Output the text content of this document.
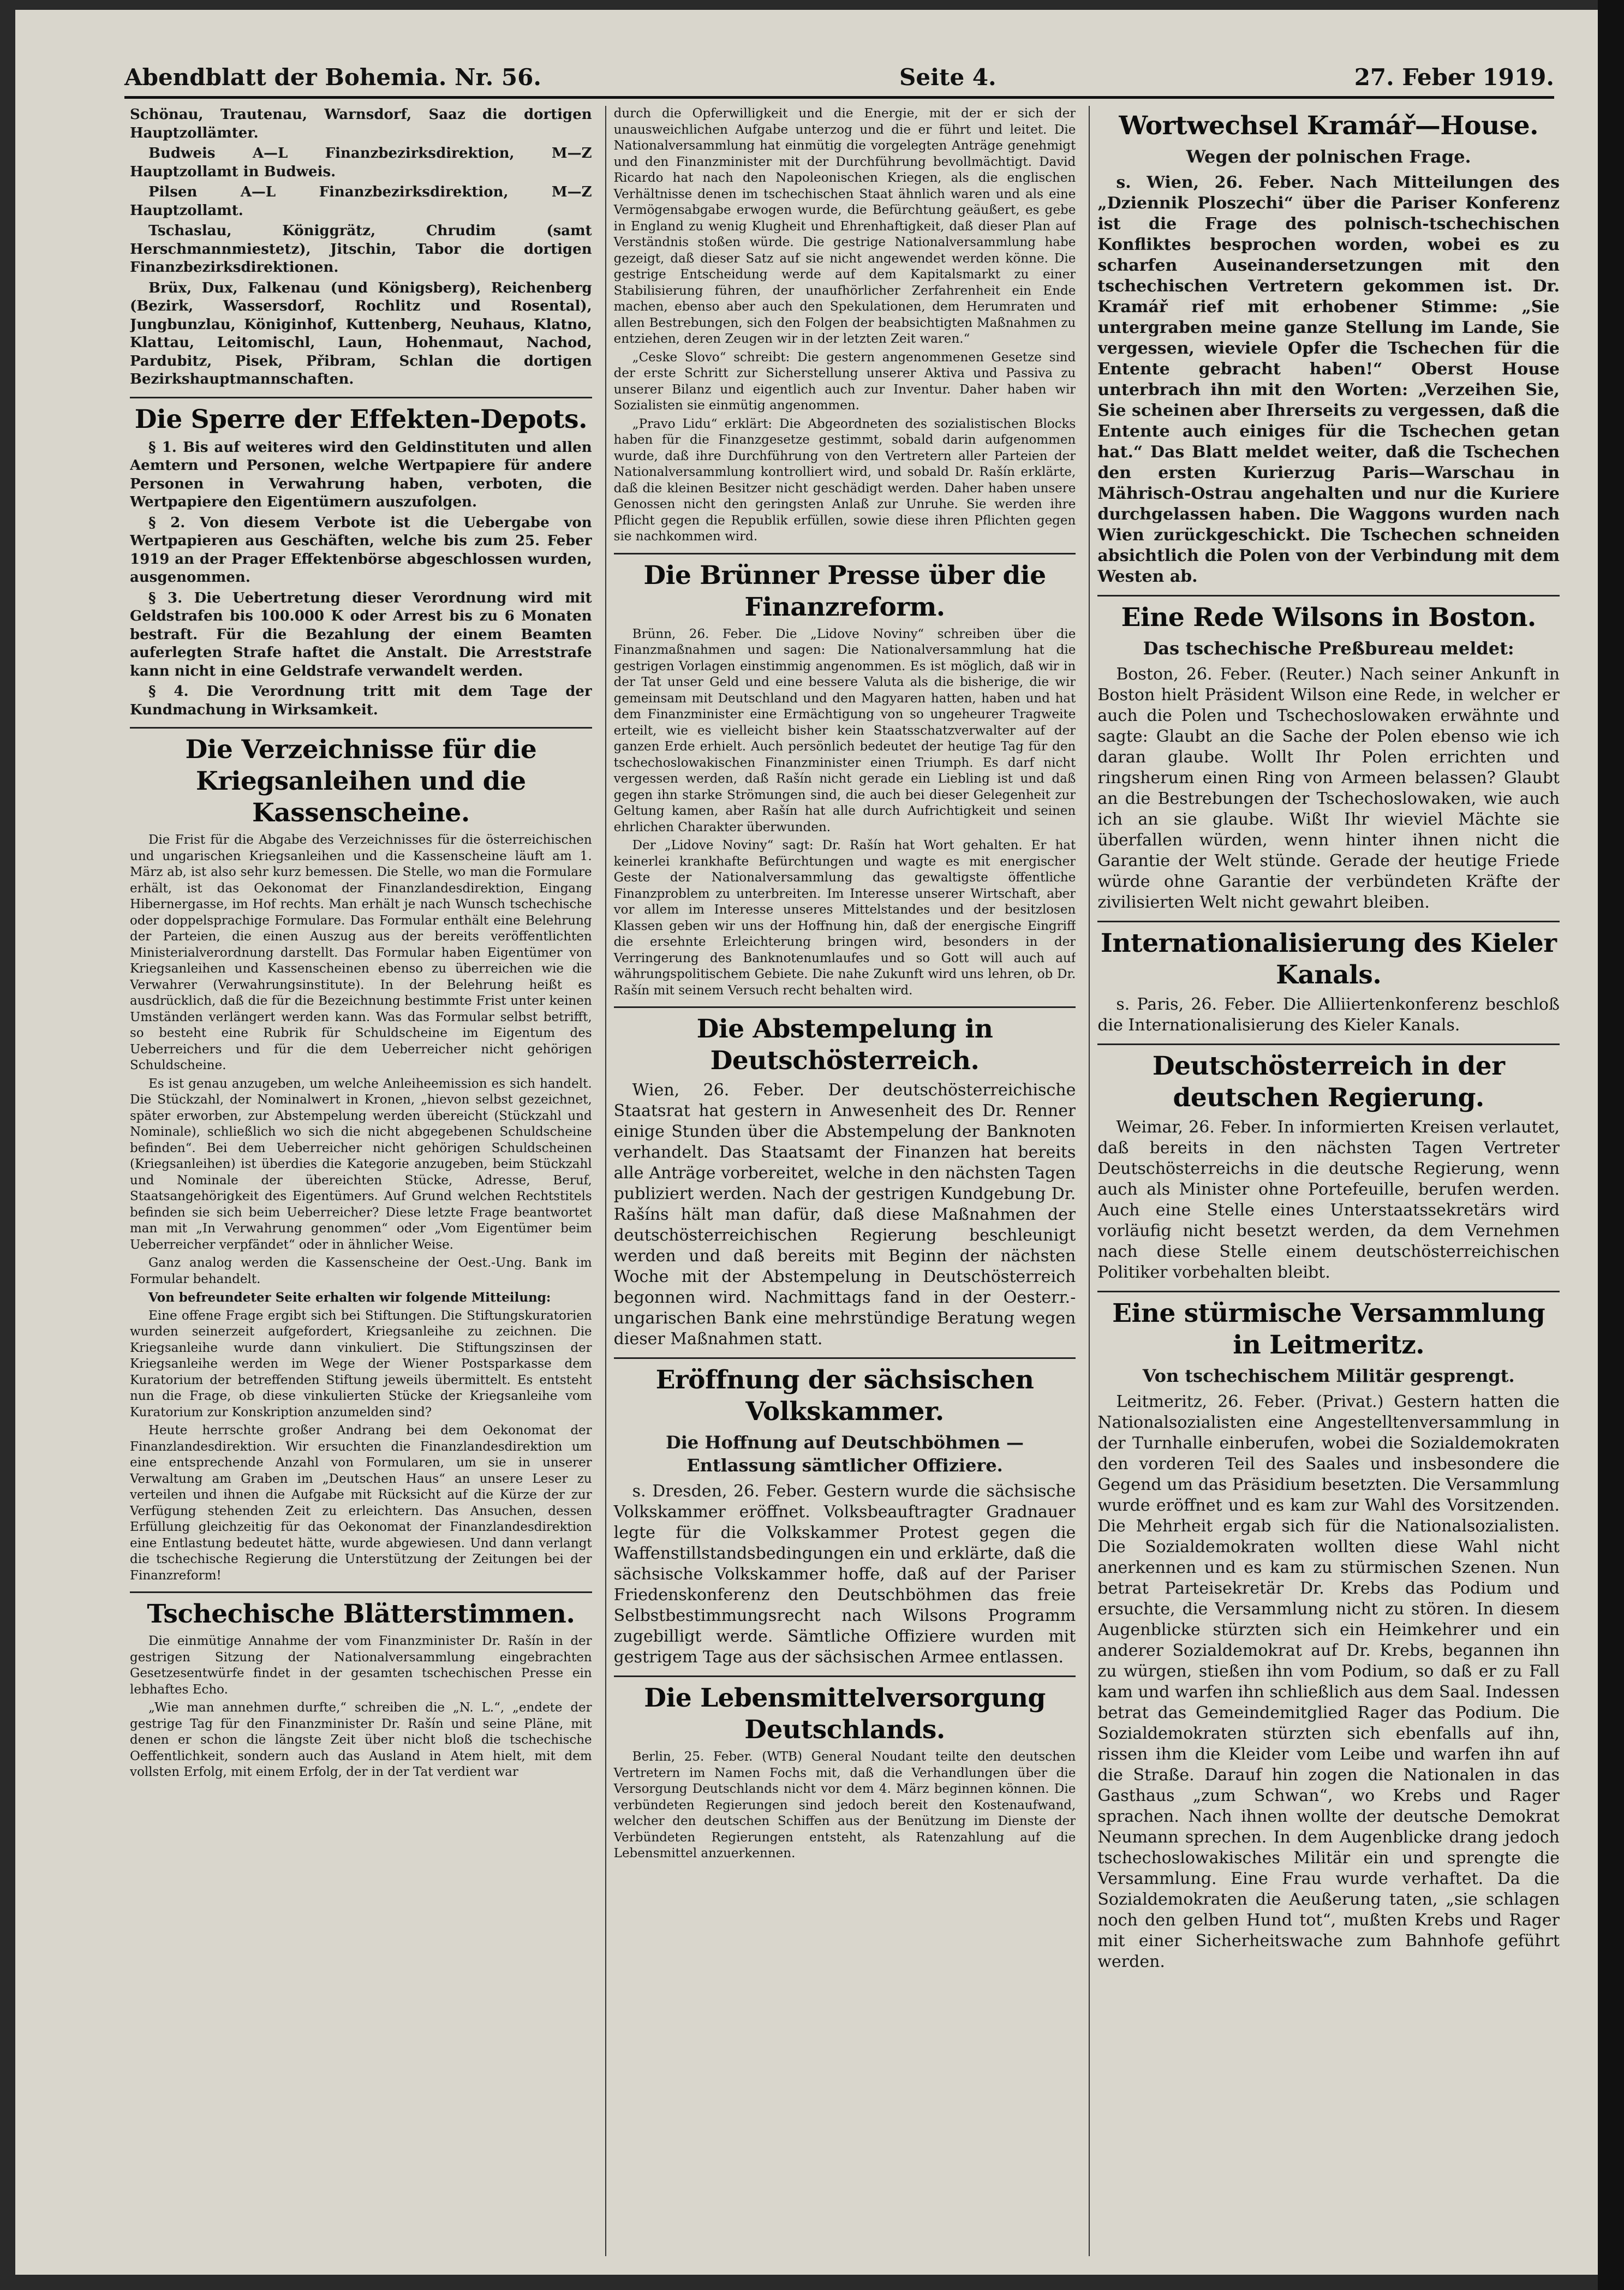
Abendblatt der Bohemia. Nr. 56.	Seite 4.	27. Feber 1919.

Schönau, Trautenau, Warnsdorf, Saaz die dortigen Hauptzollämter.

Budweis A—L Finanzbezirksdirektion, M—Z Hauptzollamt in Budweis.

Pilsen A—L Finanzbezirksdirektion, M—Z Hauptzollamt.

Tschaslau, Königgrätz, Chrudim (samt Herschmannmiestetz), Jitschin, Tabor die dortigen Finanzbezirksdirektionen.

Brüx, Dux, Falkenau (und Königsberg), Reichenberg (Bezirk, Wassersdorf, Rochlitz und Rosental), Jungbunzlau, Königinhof, Kuttenberg, Neuhaus, Klatno, Klattau, Leitomischl, Laun, Hohenmaut, Nachod, Pardubitz, Pisek, Přibram, Schlan die dortigen Bezirkshauptmannschaften.

Die Sperre der Effekten-Depots.

§ 1. Bis auf weiteres wird den Geldinstituten und allen Aemtern und Personen, welche Wertpapiere für andere Personen in Verwahrung haben, verboten, die Wertpapiere den Eigentümern auszufolgen.

§ 2. Von diesem Verbote ist die Uebergabe von Wertpapieren aus Geschäften, welche bis zum 25. Feber 1919 an der Prager Effektenbörse abgeschlossen wurden, ausgenommen.

§ 3. Die Uebertretung dieser Verordnung wird mit Geldstrafen bis 100.000 K oder Arrest bis zu 6 Monaten bestraft. Für die Bezahlung der einem Beamten auferlegten Strafe haftet die Anstalt. Die Arreststrafe kann nicht in eine Geldstrafe verwandelt werden.

§ 4. Die Verordnung tritt mit dem Tage der Kundmachung in Wirksamkeit.

Die Verzeichnisse für die Kriegsanleihen und die Kassenscheine.

Die Frist für die Abgabe des Verzeichnisses für die österreichischen und ungarischen Kriegsanleihen und die Kassenscheine läuft am 1. März ab, ist also sehr kurz bemessen. Die Stelle, wo man die Formulare erhält, ist das Oekonomat der Finanzlandesdirektion, Eingang Hibernergasse, im Hof rechts. Man erhält je nach Wunsch tschechische oder doppelsprachige Formulare. Das Formular enthält eine Belehrung der Parteien, die einen Auszug aus der bereits veröffentlichten Ministerialverordnung darstellt. Das Formular haben Eigentümer von Kriegsanleihen und Kassenscheinen ebenso zu überreichen wie die Verwahrer (Verwahrungsinstitute). In der Belehrung heißt es ausdrücklich, daß die für die Bezeichnung bestimmte Frist unter keinen Umständen verlängert werden kann. Was das Formular selbst betrifft, so besteht eine Rubrik für Schuldscheine im Eigentum des Ueberreichers und für die dem Ueberreicher nicht gehörigen Schuldscheine.

Es ist genau anzugeben, um welche Anleiheemission es sich handelt. Die Stückzahl, der Nominalwert in Kronen, „hievon selbst gezeichnet, später erworben, zur Abstempelung werden übereicht (Stückzahl und Nominale), schließlich wo sich die nicht abgegebenen Schuldscheine befinden“. Bei dem Ueberreicher nicht gehörigen Schuldscheinen (Kriegsanleihen) ist überdies die Kategorie anzugeben, beim Stückzahl und Nominale der übereichten Stücke, Adresse, Beruf, Staatsangehörigkeit des Eigentümers. Auf Grund welchen Rechtstitels befinden sie sich beim Ueberreicher? Diese letzte Frage beantwortet man mit „In Verwahrung genommen“ oder „Vom Eigentümer beim Ueberreicher verpfändet“ oder in ähnlicher Weise.

Ganz analog werden die Kassenscheine der Oest.-Ung. Bank im Formular behandelt.

Von befreundeter Seite erhalten wir folgende Mitteilung:

Eine offene Frage ergibt sich bei Stiftungen. Die Stiftungskuratorien wurden seinerzeit aufgefordert, Kriegsanleihe zu zeichnen. Die Kriegsanleihe wurde dann vinkuliert. Die Stiftungszinsen der Kriegsanleihe werden im Wege der Wiener Postsparkasse dem Kuratorium der betreffenden Stiftung jeweils übermittelt. Es entsteht nun die Frage, ob diese vinkulierten Stücke der Kriegsanleihe vom Kuratorium zur Konskription anzumelden sind?

Heute herrschte großer Andrang bei dem Oekonomat der Finanzlandesdirektion. Wir ersuchten die Finanzlandesdirektion um eine entsprechende Anzahl von Formularen, um sie in unserer Verwaltung am Graben im „Deutschen Haus“ an unsere Leser zu verteilen und ihnen die Aufgabe mit Rücksicht auf die Kürze der zur Verfügung stehenden Zeit zu erleichtern. Das Ansuchen, dessen Erfüllung gleichzeitig für das Oekonomat der Finanzlandesdirektion eine Entlastung bedeutet hätte, wurde abgewiesen. Und dann verlangt die tschechische Regierung die Unterstützung der Zeitungen bei der Finanzreform!

Tschechische Blätterstimmen.

Die einmütige Annahme der vom Finanzminister Dr. Rašín in der gestrigen Sitzung der Nationalversammlung eingebrachten Gesetzesentwürfe findet in der gesamten tschechischen Presse ein lebhaftes Echo.

„Wie man annehmen durfte,“ schreiben die „N. L.“, „endete der gestrige Tag für den Finanzminister Dr. Rašín und seine Pläne, mit denen er schon die längste Zeit über nicht bloß die tschechische Oeffentlichkeit, sondern auch das Ausland in Atem hielt, mit dem vollsten Erfolg, mit einem Erfolg, der in der Tat verdient war

durch die Opferwilligkeit und die Energie, mit der er sich der unausweichlichen Aufgabe unterzog und die er führt und leitet. Die Nationalversammlung hat einmütig die vorgelegten Anträge genehmigt und den Finanzminister mit der Durchführung bevollmächtigt. David Ricardo hat nach den Napoleonischen Kriegen, als die englischen Verhältnisse denen im tschechischen Staat ähnlich waren und als eine Vermögensabgabe erwogen wurde, die Befürchtung geäußert, es gebe in England zu wenig Klugheit und Ehrenhaftigkeit, daß dieser Plan auf Verständnis stoßen würde. Die gestrige Nationalversammlung habe gezeigt, daß dieser Satz auf sie nicht angewendet werden könne. Die gestrige Entscheidung werde auf dem Kapitalsmarkt zu einer Stabilisierung führen, der unaufhörlicher Zerfahrenheit ein Ende machen, ebenso aber auch den Spekulationen, dem Herumraten und allen Bestrebungen, sich den Folgen der beabsichtigten Maßnahmen zu entziehen, deren Zeugen wir in der letzten Zeit waren.“

„Ceske Slovo“ schreibt: Die gestern angenommenen Gesetze sind der erste Schritt zur Sicherstellung unserer Aktiva und Passiva zu unserer Bilanz und eigentlich auch zur Inventur. Daher haben wir Sozialisten sie einmütig angenommen.

„Pravo Lidu“ erklärt: Die Abgeordneten des sozialistischen Blocks haben für die Finanzgesetze gestimmt, sobald darin aufgenommen wurde, daß ihre Durchführung von den Vertretern aller Parteien der Nationalversammlung kontrolliert wird, und sobald Dr. Rašín erklärte, daß die kleinen Besitzer nicht geschädigt werden. Daher haben unsere Genossen nicht den geringsten Anlaß zur Unruhe. Sie werden ihre Pflicht gegen die Republik erfüllen, sowie diese ihren Pflichten gegen sie nachkommen wird.

Die Brünner Presse über die Finanzreform.

Brünn, 26. Feber. Die „Lidove Noviny“ schreiben über die Finanzmaßnahmen und sagen: Die Nationalversammlung hat die gestrigen Vorlagen einstimmig angenommen. Es ist möglich, daß wir in der Tat unser Geld und eine bessere Valuta als die bisherige, die wir gemeinsam mit Deutschland und den Magyaren hatten, haben und hat dem Finanzminister eine Ermächtigung von so ungeheurer Tragweite erteilt, wie es vielleicht bisher kein Staatsschatzverwalter auf der ganzen Erde erhielt. Auch persönlich bedeutet der heutige Tag für den tschechoslowakischen Finanzminister einen Triumph. Es darf nicht vergessen werden, daß Rašín nicht gerade ein Liebling ist und daß gegen ihn starke Strömungen sind, die auch bei dieser Gelegenheit zur Geltung kamen, aber Rašín hat alle durch Aufrichtigkeit und seinen ehrlichen Charakter überwunden.

Der „Lidove Noviny“ sagt: Dr. Rašín hat Wort gehalten. Er hat keinerlei krankhafte Befürchtungen und wagte es mit energischer Geste der Nationalversammlung das gewaltigste öffentliche Finanzproblem zu unterbreiten. Im Interesse unserer Wirtschaft, aber vor allem im Interesse unseres Mittelstandes und der besitzlosen Klassen geben wir uns der Hoffnung hin, daß der energische Eingriff die ersehnte Erleichterung bringen wird, besonders in der Verringerung des Banknotenumlaufes und so Gott will auch auf währungspolitischem Gebiete. Die nahe Zukunft wird uns lehren, ob Dr. Rašín mit seinem Versuch recht behalten wird.

Die Abstempelung in Deutschösterreich.

Wien, 26. Feber. Der deutschösterreichische Staatsrat hat gestern in Anwesenheit des Dr. Renner einige Stunden über die Abstempelung der Banknoten verhandelt. Das Staatsamt der Finanzen hat bereits alle Anträge vorbereitet, welche in den nächsten Tagen publiziert werden. Nach der gestrigen Kundgebung Dr. Rašíns hält man dafür, daß diese Maßnahmen der deutschösterreichischen Regierung beschleunigt werden und daß bereits mit Beginn der nächsten Woche mit der Abstempelung in Deutschösterreich begonnen wird. Nachmittags fand in der Oesterr.-ungarischen Bank eine mehrstündige Beratung wegen dieser Maßnahmen statt.

Eröffnung der sächsischen Volkskammer.
Die Hoffnung auf Deutschböhmen — Entlassung sämtlicher Offiziere.

s. Dresden, 26. Feber. Gestern wurde die sächsische Volkskammer eröffnet. Volksbeauftragter Gradnauer legte für die Volkskammer Protest gegen die Waffenstillstandsbedingungen ein und erklärte, daß die sächsische Volkskammer hoffe, daß auf der Pariser Friedenskonferenz den Deutschböhmen das freie Selbstbestimmungsrecht nach Wilsons Programm zugebilligt werde. Sämtliche Offiziere wurden mit gestrigem Tage aus der sächsischen Armee entlassen.

Die Lebensmittelversorgung Deutschlands.

Berlin, 25. Feber. (WTB) General Noudant teilte den deutschen Vertretern im Namen Fochs mit, daß die Verhandlungen über die Versorgung Deutschlands nicht vor dem 4. März beginnen können. Die verbündeten Regierungen sind jedoch bereit den Kostenaufwand, welcher den deutschen Schiffen aus der Benützung im Dienste der Verbündeten Regierungen entsteht, als Ratenzahlung auf die Lebensmittel anzuerkennen.

Wortwechsel Kramář—House.
Wegen der polnischen Frage.

s. Wien, 26. Feber. Nach Mitteilungen des „Dziennik Ploszechi“ über die Pariser Konferenz ist die Frage des polnisch-tschechischen Konfliktes besprochen worden, wobei es zu scharfen Auseinandersetzungen mit den tschechischen Vertretern gekommen ist. Dr. Kramář rief mit erhobener Stimme: „Sie untergraben meine ganze Stellung im Lande, Sie vergessen, wieviele Opfer die Tschechen für die Entente gebracht haben!“ Oberst House unterbrach ihn mit den Worten: „Verzeihen Sie, Sie scheinen aber Ihrerseits zu vergessen, daß die Entente auch einiges für die Tschechen getan hat.“ Das Blatt meldet weiter, daß die Tschechen den ersten Kurierzug Paris—Warschau in Mährisch-Ostrau angehalten und nur die Kuriere durchgelassen haben. Die Waggons wurden nach Wien zurückgeschickt. Die Tschechen schneiden absichtlich die Polen von der Verbindung mit dem Westen ab.

Eine Rede Wilsons in Boston.
Das tschechische Preßbureau meldet:

Boston, 26. Feber. (Reuter.) Nach seiner Ankunft in Boston hielt Präsident Wilson eine Rede, in welcher er auch die Polen und Tschechoslowaken erwähnte und sagte: Glaubt an die Sache der Polen ebenso wie ich daran glaube. Wollt Ihr Polen errichten und ringsherum einen Ring von Armeen belassen? Glaubt an die Bestrebungen der Tschechoslowaken, wie auch ich an sie glaube. Wißt Ihr wieviel Mächte sie überfallen würden, wenn hinter ihnen nicht die Garantie der Welt stünde. Gerade der heutige Friede würde ohne Garantie der verbündeten Kräfte der zivilisierten Welt nicht gewahrt bleiben.

Internationalisierung des Kieler Kanals.

s. Paris, 26. Feber. Die Alliiertenkonferenz beschloß die Internationalisierung des Kieler Kanals.

Deutschösterreich in der deutschen Regierung.

Weimar, 26. Feber. In informierten Kreisen verlautet, daß bereits in den nächsten Tagen Vertreter Deutschösterreichs in die deutsche Regierung, wenn auch als Minister ohne Portefeuille, berufen werden. Auch eine Stelle eines Unterstaatssekretärs wird vorläufig nicht besetzt werden, da dem Vernehmen nach diese Stelle einem deutschösterreichischen Politiker vorbehalten bleibt.

Eine stürmische Versammlung in Leitmeritz.
Von tschechischem Militär gesprengt.

Leitmeritz, 26. Feber. (Privat.) Gestern hatten die Nationalsozialisten eine Angestelltenversammlung in der Turnhalle einberufen, wobei die Sozialdemokraten den vorderen Teil des Saales und insbesondere die Gegend um das Präsidium besetzten. Die Versammlung wurde eröffnet und es kam zur Wahl des Vorsitzenden. Die Mehrheit ergab sich für die Nationalsozialisten. Die Sozialdemokraten wollten diese Wahl nicht anerkennen und es kam zu stürmischen Szenen. Nun betrat Parteisekretär Dr. Krebs das Podium und ersuchte, die Versammlung nicht zu stören. In diesem Augenblicke stürzten sich ein Heimkehrer und ein anderer Sozialdemokrat auf Dr. Krebs, begannen ihn zu würgen, stießen ihn vom Podium, so daß er zu Fall kam und warfen ihn schließlich aus dem Saal. Indessen betrat das Gemeindemitglied Rager das Podium. Die Sozialdemokraten stürzten sich ebenfalls auf ihn, rissen ihm die Kleider vom Leibe und warfen ihn auf die Straße. Darauf hin zogen die Nationalen in das Gasthaus „zum Schwan“, wo Krebs und Rager sprachen. Nach ihnen wollte der deutsche Demokrat Neumann sprechen. In dem Augenblicke drang jedoch tschechoslowakisches Militär ein und sprengte die Versammlung. Eine Frau wurde verhaftet. Da die Sozialdemokraten die Aeußerung taten, „sie schlagen noch den gelben Hund tot“, mußten Krebs und Rager mit einer Sicherheitswache zum Bahnhofe geführt werden.
